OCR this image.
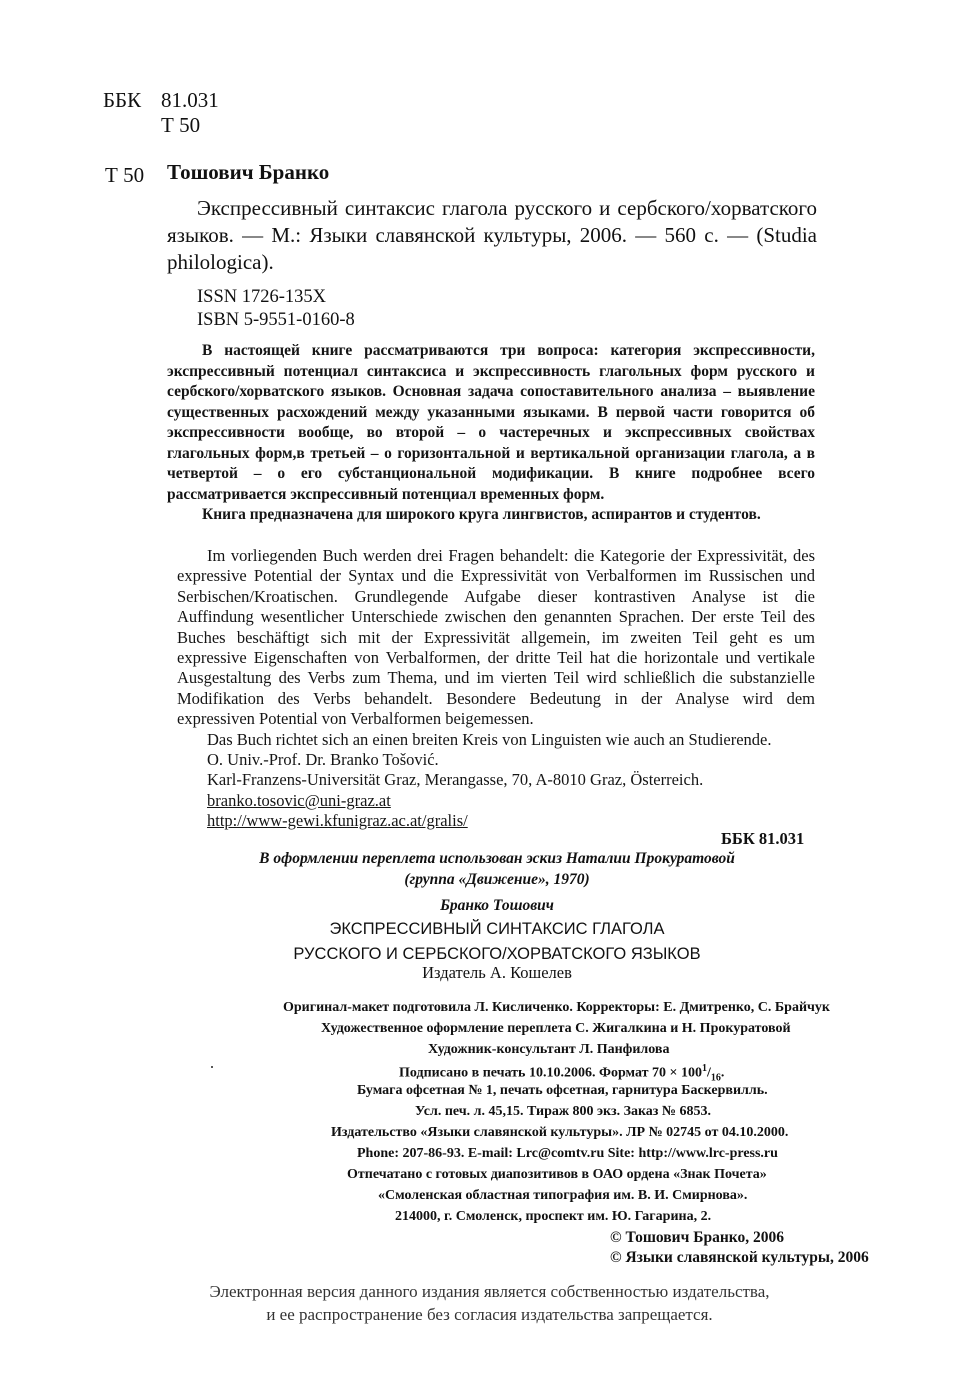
ББК 81.031
Т 50
Т 50 Тошович Бранко
Экспрессивный синтаксис глагола русского и сербского/хорватского
языков. — М.: Языки славянской культуры, 2006. — 560 с. — (Studia
philologica).
ISSN 1726-135X
ISBN 5-9551-0160-8
В настоящей книге рассматриваются три вопроса: категория экспрессивности,
экспрессивный потенциал синтаксиса и экспрессивность глагольных форм русского и
сербского/хорватского языков. Основная задача сопоставительного анализа – выявление
существенных расхождений между указанными языками. В первой части говорится об
экспрессивности вообще, во второй – о частеречных и экспрессивных свойствах
глагольных форм,в третьей – о горизонтальной и вертикальной организации глагола, а в
четвертой – о его субстанциональной модификации. В книге подробнее всего
рассматривается экспрессивный потенциал временных форм.
Книга предназначена для широкого круга лингвистов, аспирантов и студентов.
Im vorliegenden Buch werden drei Fragen behandelt: die Kategorie der Expressivität, des
expressive Potential der Syntax und die Expressivität von Verbalformen im Russischen und
Serbischen/Kroatischen. Grundlegende Aufgabe dieser kontrastiven Analyse ist die
Auffindung wesentlicher Unterschiede zwischen den genannten Sprachen. Der erste Teil des
Buches beschäftigt sich mit der Expressivität allgemein, im zweiten Teil geht es um
expressive Eigenschaften von Verbalformen, der dritte Teil hat die horizontale und vertikale
Ausgestaltung des Verbs zum Thema, und im vierten Teil wird schließlich die substanzielle
Modifikation des Verbs behandelt. Besondere Bedeutung in der Analyse wird dem
expressiven Potential von Verbalformen beigemessen.
Das Buch richtet sich an einen breiten Kreis von Linguisten wie auch an Studierende.
O. Univ.-Prof. Dr. Branko Tošović.
Karl-Franzens-Universität Graz, Merangasse, 70, A-8010 Graz, Österreich.
branko.tosovic@uni-graz.at
http://www-gewi.kfunigraz.ac.at/gralis/
ББК 81.031
В оформлении переплета использован эскиз Наталии Прокуратовой
(группа «Движение», 1970)
Бранко Тошович
ЭКСПРЕССИВНЫЙ СИНТАКСИС ГЛАГОЛА
РУССКОГО И СЕРБСКОГО/ХОРВАТСКОГО ЯЗЫКОВ
Издатель А. Кошелев
Оригинал-макет подготовила Л. Кисличенко. Корректоры: Е. Дмитренко, С. Брайчук
Художественное оформление переплета С. Жигалкина и Н. Прокуратовой
Художник-консультант Л. Панфилова
Подписано в печать 10.10.2006. Формат $70 \times 100^1/_{16}$.
Бумага офсетная № 1, печать офсетная, гарнитура Баскервилль.
Усл. печ. л. 45,15. Тираж 800 экз. Заказ № 6853.
Издательство «Языки славянской культуры». ЛР № 02745 от 04.10.2000.
Phone: 207-86-93. E-mail: Lrc@comtv.ru Site: http://www.lrc-press.ru
Отпечатано с готовых диапозитивов в ОАО ордена «Знак Почета»
«Смоленская областная типография им. В. И. Смирнова».
214000, г. Смоленск, проспект им. Ю. Гагарина, 2.
© Тошович Бранко, 2006
© Языки славянской культуры, 2006
Электронная версия данного издания является собственностью издательства,
и ее распространение без согласия издательства запрещается.
